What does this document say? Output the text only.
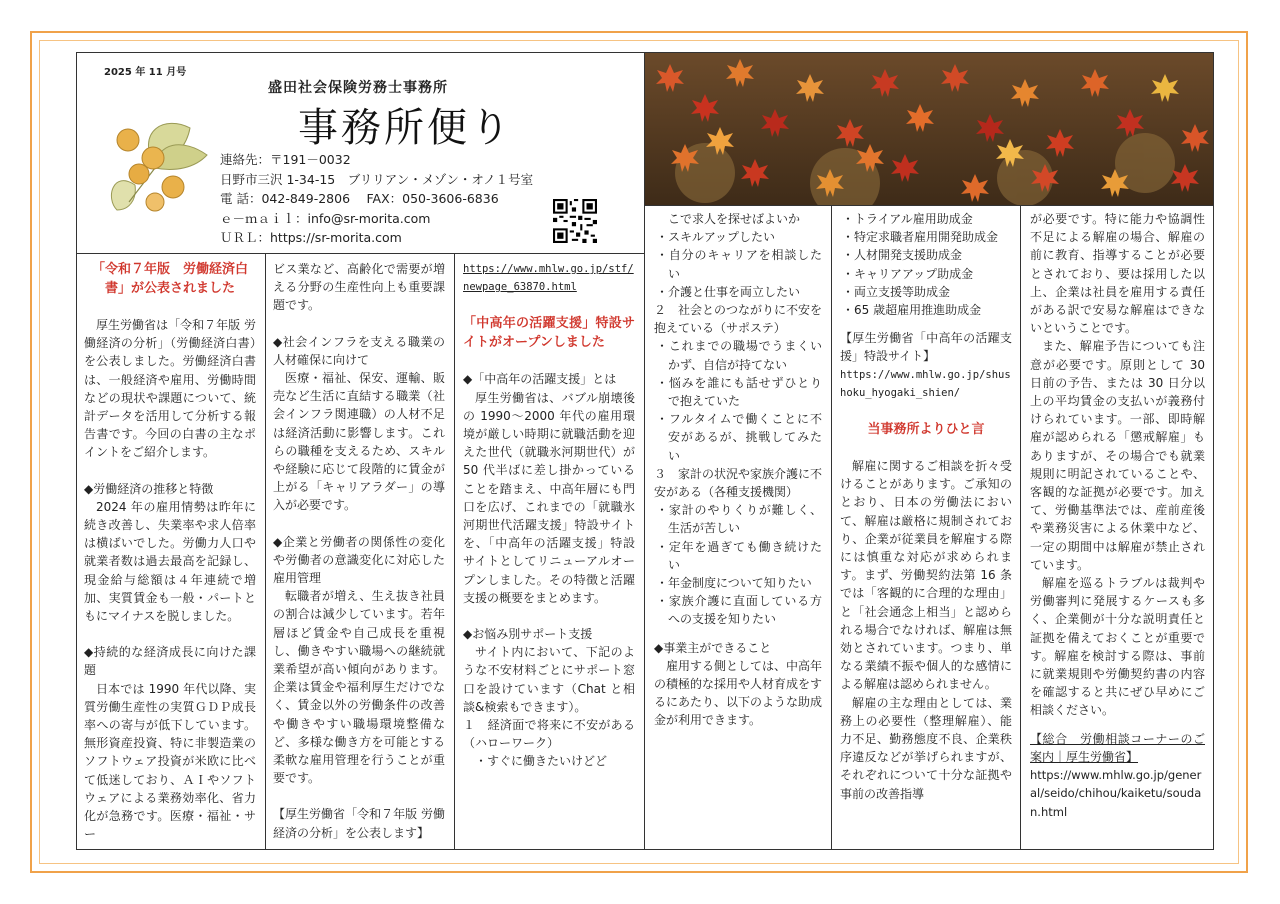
2025 年 11 月号
盛田社会保険労務士事務所
事務所便り
連絡先：〒191－0032
日野市三沢 1-34-15　ブリリアン・メゾン・オノ１号室
電 話：042-849-2806　 FAX：050-3606-6836
ｅ－ｍａｉｌ：info@sr-morita.com
ＵＲＬ：https://sr-morita.com

「令和７年版　労働経済白書」が公表されました

厚生労働省は「令和７年版 労働経済の分析」（労働経済白書）を公表しました。労働経済白書は、一般経済や雇用、労働時間などの現状や課題について、統計データを活用して分析する報告書です。今回の白書の主なポイントをご紹介します。

◆労働経済の推移と特徴

2024 年の雇用情勢は昨年に続き改善し、失業率や求人倍率は横ばいでした。労働力人口や就業者数は過去最高を記録し、現金給与総額は４年連続で増加、実質賃金も一般・パートともにマイナスを脱しました。

◆持続的な経済成長に向けた課題

日本では 1990 年代以降、実質労働生産性の実質ＧＤＰ成長率への寄与が低下しています。無形資産投資、特に非製造業のソフトウェア投資が米欧に比べて低迷しており、ＡＩやソフトウェアによる業務効率化、省力化が急務です。医療・福祉・サー

ビス業など、高齢化で需要が増える分野の生産性向上も重要課題です。

◆社会インフラを支える職業の人材確保に向けて

医療・福祉、保安、運輸、販売など生活に直結する職業（社会インフラ関連職）の人材不足は経済活動に影響します。これらの職種を支えるため、スキルや経験に応じて段階的に賃金が上がる「キャリアラダー」の導入が必要です。

◆企業と労働者の関係性の変化や労働者の意識変化に対応した雇用管理

転職者が増え、生え抜き社員の割合は減少しています。若年層ほど賃金や自己成長を重視し、働きやすい職場への継続就業希望が高い傾向があります。企業は賃金や福利厚生だけでなく、賃金以外の労働条件の改善や働きやすい職場環境整備など、多様な働き方を可能とする柔軟な雇用管理を行うことが重要です。

【厚生労働省「令和７年版 労働経済の分析」を公表します】

https://www.mhlw.go.jp/stf/newpage_63870.html

「中高年の活躍支援」特設サイトがオープンしました

◆「中高年の活躍支援」とは

厚生労働省は、バブル崩壊後の 1990～2000 年代の雇用環境が厳しい時期に就職活動を迎えた世代（就職氷河期世代）が 50 代半ばに差し掛かっていることを踏まえ、中高年層にも門口を広げ、これまでの「就職氷河期世代活躍支援」特設サイトを、「中高年の活躍支援」特設サイトとしてリニューアルオープンしました。その特徴と活躍支援の概要をまとめます。

◆お悩み別サポート支援

サイト内において、下記のような不安材料ごとにサポート窓口を設けています（Chat と相談&検索もできます）。

１　経済面で将来に不安がある（ハローワーク）

・すぐに働きたいけどど

こで求人を探せばよいか
・スキルアップしたい
・自分のキャリアを相談したい
・介護と仕事を両立したい

２　社会とのつながりに不安を抱えている（サポステ）

・これまでの職場でうまくいかず、自信が持てない
・悩みを誰にも話せずひとりで抱えていた
・フルタイムで働くことに不安があるが、挑戦してみたい

３　家計の状況や家族介護に不安がある（各種支援機関）

・家計のやりくりが難しく、生活が苦しい
・定年を過ぎても働き続けたい
・年金制度について知りたい
・家族介護に直面している方への支援を知りたい

◆事業主ができること

雇用する側としては、中高年の積極的な採用や人材育成をするにあたり、以下のような助成金が利用できます。

・トライアル雇用助成金
・特定求職者雇用開発助成金
・人材開発支援助成金
・キャリアアップ助成金
・両立支援等助成金
・65 歳超雇用推進助成金

【厚生労働省「中高年の活躍支援」特設サイト】

https://www.mhlw.go.jp/shushoku_hyogaki_shien/

当事務所よりひと言

解雇に関するご相談を折々受けることがあります。ご承知のとおり、日本の労働法において、解雇は厳格に規制されており、企業が従業員を解雇する際には慎重な対応が求められます。まず、労働契約法第 16 条では「客観的に合理的な理由」と「社会通念上相当」と認められる場合でなければ、解雇は無効とされています。つまり、単なる業績不振や個人的な感情による解雇は認められません。

解雇の主な理由としては、業務上の必要性（整理解雇）、能力不足、勤務態度不良、企業秩序違反などが挙げられますが、それぞれについて十分な証拠や事前の改善指導

が必要です。特に能力や協調性不足による解雇の場合、解雇の前に教育、指導することが必要とされており、要は採用した以上、企業は社員を雇用する責任がある訳で安易な解雇はできないということです。

また、解雇予告についても注意が必要です。原則として 30 日前の予告、または 30 日分以上の平均賃金の支払いが義務付けられています。一部、即時解雇が認められる「懲戒解雇」もありますが、その場合でも就業規則に明記されていることや、客観的な証拠が必要です。加えて、労働基準法では、産前産後や業務災害による休業中など、一定の期間中は解雇が禁止されています。

解雇を巡るトラブルは裁判や労働審判に発展するケースも多く、企業側が十分な説明責任と証拠を備えておくことが重要です。解雇を検討する際は、事前に就業規則や労働契約書の内容を確認すると共にぜひ早めにご相談ください。

【総合　労働相談コーナーのご案内｜厚生労働省】

https://www.mhlw.go.jp/general/seido/chihou/kaiketu/soudan.html
